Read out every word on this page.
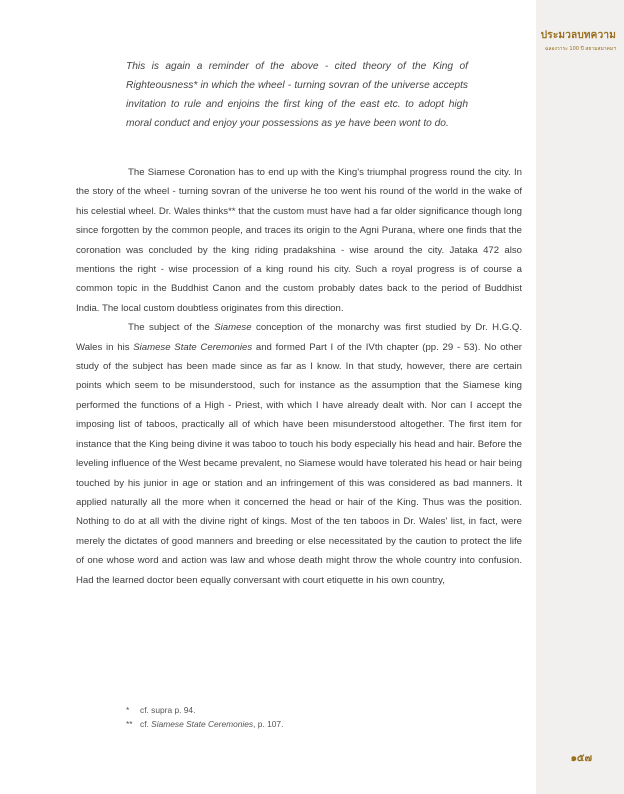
ประมวลบทความ
ฉลองวาระ 100 ปี สยามสมาคมฯ

This is again a reminder of the above - cited theory of the King of Righteousness* in which the wheel - turning sovran of the universe accepts invitation to rule and enjoins the first king of the east etc. to adopt high moral conduct and enjoy your possessions as ye have been wont to do.

The Siamese Coronation has to end up with the King's triumphal progress round the city. In the story of the wheel - turning sovran of the universe he too went his round of the world in the wake of his celestial wheel. Dr. Wales thinks** that the custom must have had a far older significance though long since forgotten by the common people, and traces its origin to the Agni Purana, where one finds that the coronation was concluded by the king riding pradakshina - wise around the city. Jataka 472 also mentions the right - wise procession of a king round his city. Such a royal progress is of course a common topic in the Buddhist Canon and the custom probably dates back to the period of Buddhist India. The local custom doubtless originates from this direction.

The subject of the Siamese conception of the monarchy was first studied by Dr. H.G.Q. Wales in his Siamese State Ceremonies and formed Part I of the IVth chapter (pp. 29 - 53). No other study of the subject has been made since as far as I know. In that study, however, there are certain points which seem to be misunderstood, such for instance as the assumption that the Siamese king performed the functions of a High - Priest, with which I have already dealt with. Nor can I accept the imposing list of taboos, practically all of which have been misunderstood altogether. The first item for instance that the King being divine it was taboo to touch his body especially his head and hair. Before the leveling influence of the West became prevalent, no Siamese would have tolerated his head or hair being touched by his junior in age or station and an infringement of this was considered as bad manners. It applied naturally all the more when it concerned the head or hair of the King. Thus was the position. Nothing to do at all with the divine right of kings. Most of the ten taboos in Dr. Wales' list, in fact, were merely the dictates of good manners and breeding or else necessitated by the caution to protect the life of one whose word and action was law and whose death might throw the whole country into confusion. Had the learned doctor been equally conversant with court etiquette in his own country,

*	cf. supra p. 94.
** cf. Siamese State Ceremonies, p. 107.
๑๕๗
